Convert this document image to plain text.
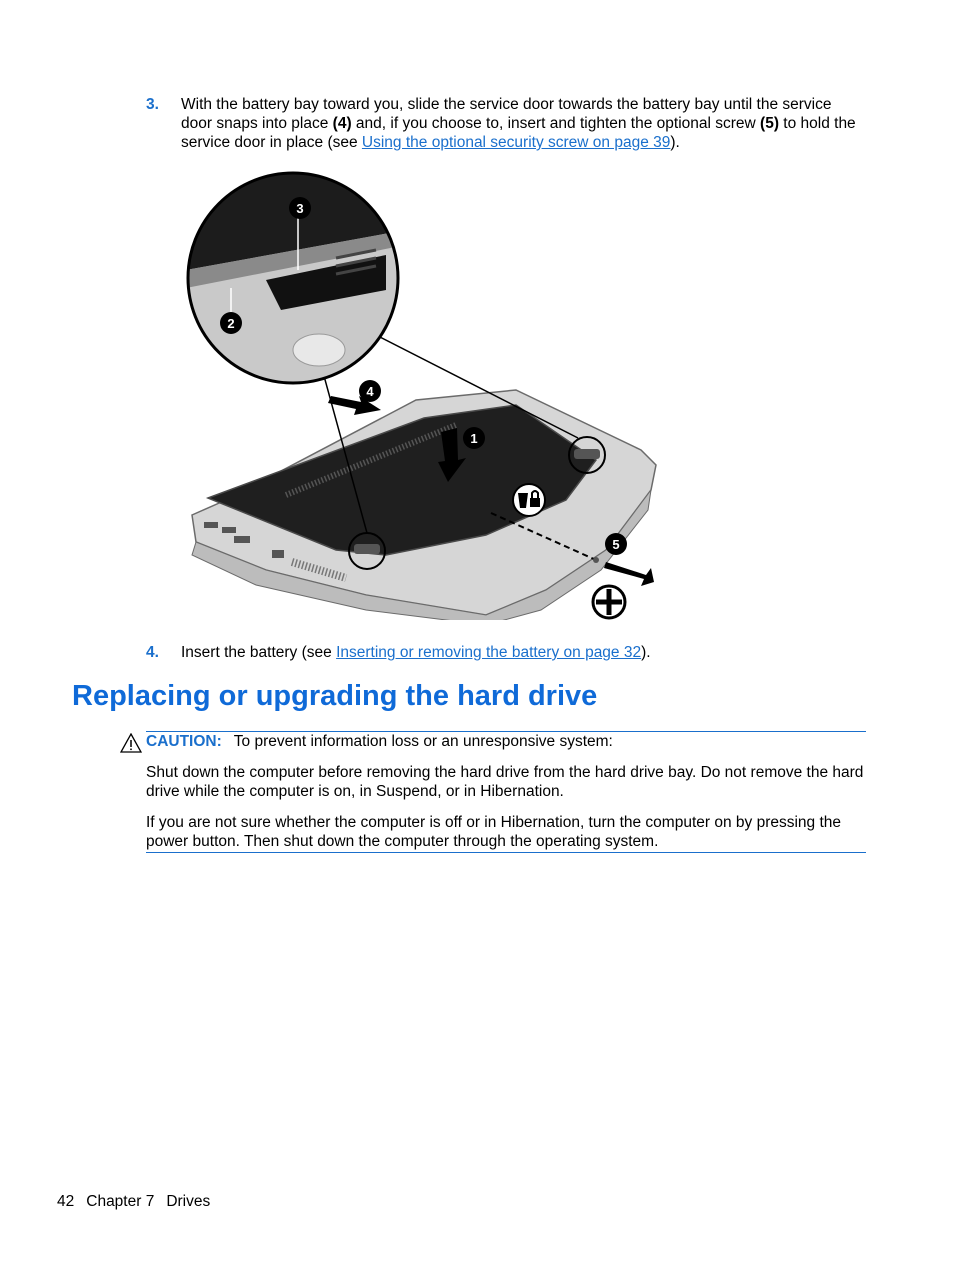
3. With the battery bay toward you, slide the service door towards the battery bay until the service door snaps into place (4) and, if you choose to, insert and tighten the optional screw (5) to hold the service door in place (see Using the optional security screw on page 39).
1
2
3
4
5
4. Insert the battery (see Inserting or removing the battery on page 32).
Replacing or upgrading the hard drive
CAUTION: To prevent information loss or an unresponsive system:

Shut down the computer before removing the hard drive from the hard drive bay. Do not remove the hard drive while the computer is on, in Suspend, or in Hibernation.

If you are not sure whether the computer is off or in Hibernation, turn the computer on by pressing the power button. Then shut down the computer through the operating system.

42 Chapter 7 Drives
